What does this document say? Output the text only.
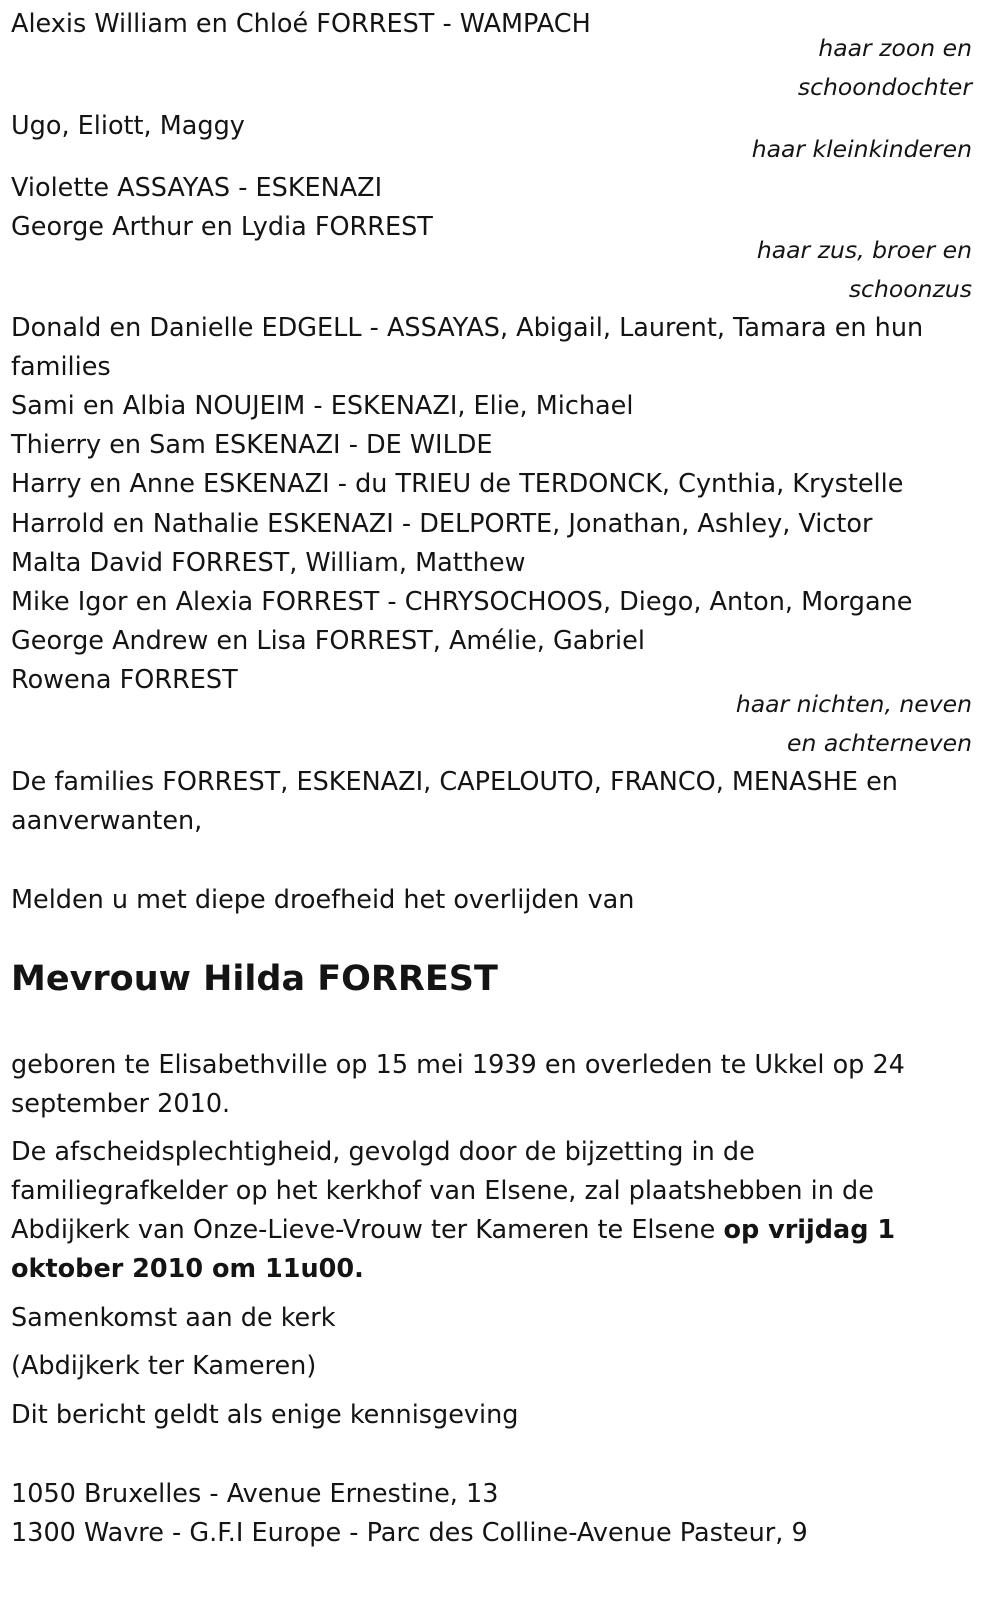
Alexis William en Chloé FORREST - WAMPACH

haar zoon en

schoondochter

Ugo, Eliott, Maggy

haar kleinkinderen

Violette ASSAYAS - ESKENAZI

George Arthur en Lydia FORREST

haar zus, broer en

schoonzus

Donald en Danielle EDGELL - ASSAYAS, Abigail, Laurent, Tamara en hun

families

Sami en Albia NOUJEIM - ESKENAZI, Elie, Michael

Thierry en Sam ESKENAZI - DE WILDE

Harry en Anne ESKENAZI - du TRIEU de TERDONCK, Cynthia, Krystelle

Harrold en Nathalie ESKENAZI - DELPORTE, Jonathan, Ashley, Victor

Malta David FORREST, William, Matthew

Mike Igor en Alexia FORREST - CHRYSOCHOOS, Diego, Anton, Morgane

George Andrew en Lisa FORREST, Amélie, Gabriel

Rowena FORREST

haar nichten, neven

en achterneven

De families FORREST, ESKENAZI, CAPELOUTO, FRANCO, MENASHE en

aanverwanten,

Melden u met diepe droefheid het overlijden van

Mevrouw Hilda FORREST

geboren te Elisabethville op 15 mei 1939 en overleden te Ukkel op 24

september 2010.

De afscheidsplechtigheid, gevolgd door de bijzetting in de

familiegrafkelder op het kerkhof van Elsene, zal plaatshebben in de

Abdijkerk van Onze-Lieve-Vrouw ter Kameren te Elsene op vrijdag 1

oktober 2010 om 11u00.

Samenkomst aan de kerk

(Abdijkerk ter Kameren)

Dit bericht geldt als enige kennisgeving

1050 Bruxelles - Avenue Ernestine, 13

1300 Wavre - G.F.I Europe - Parc des Colline-Avenue Pasteur, 9
